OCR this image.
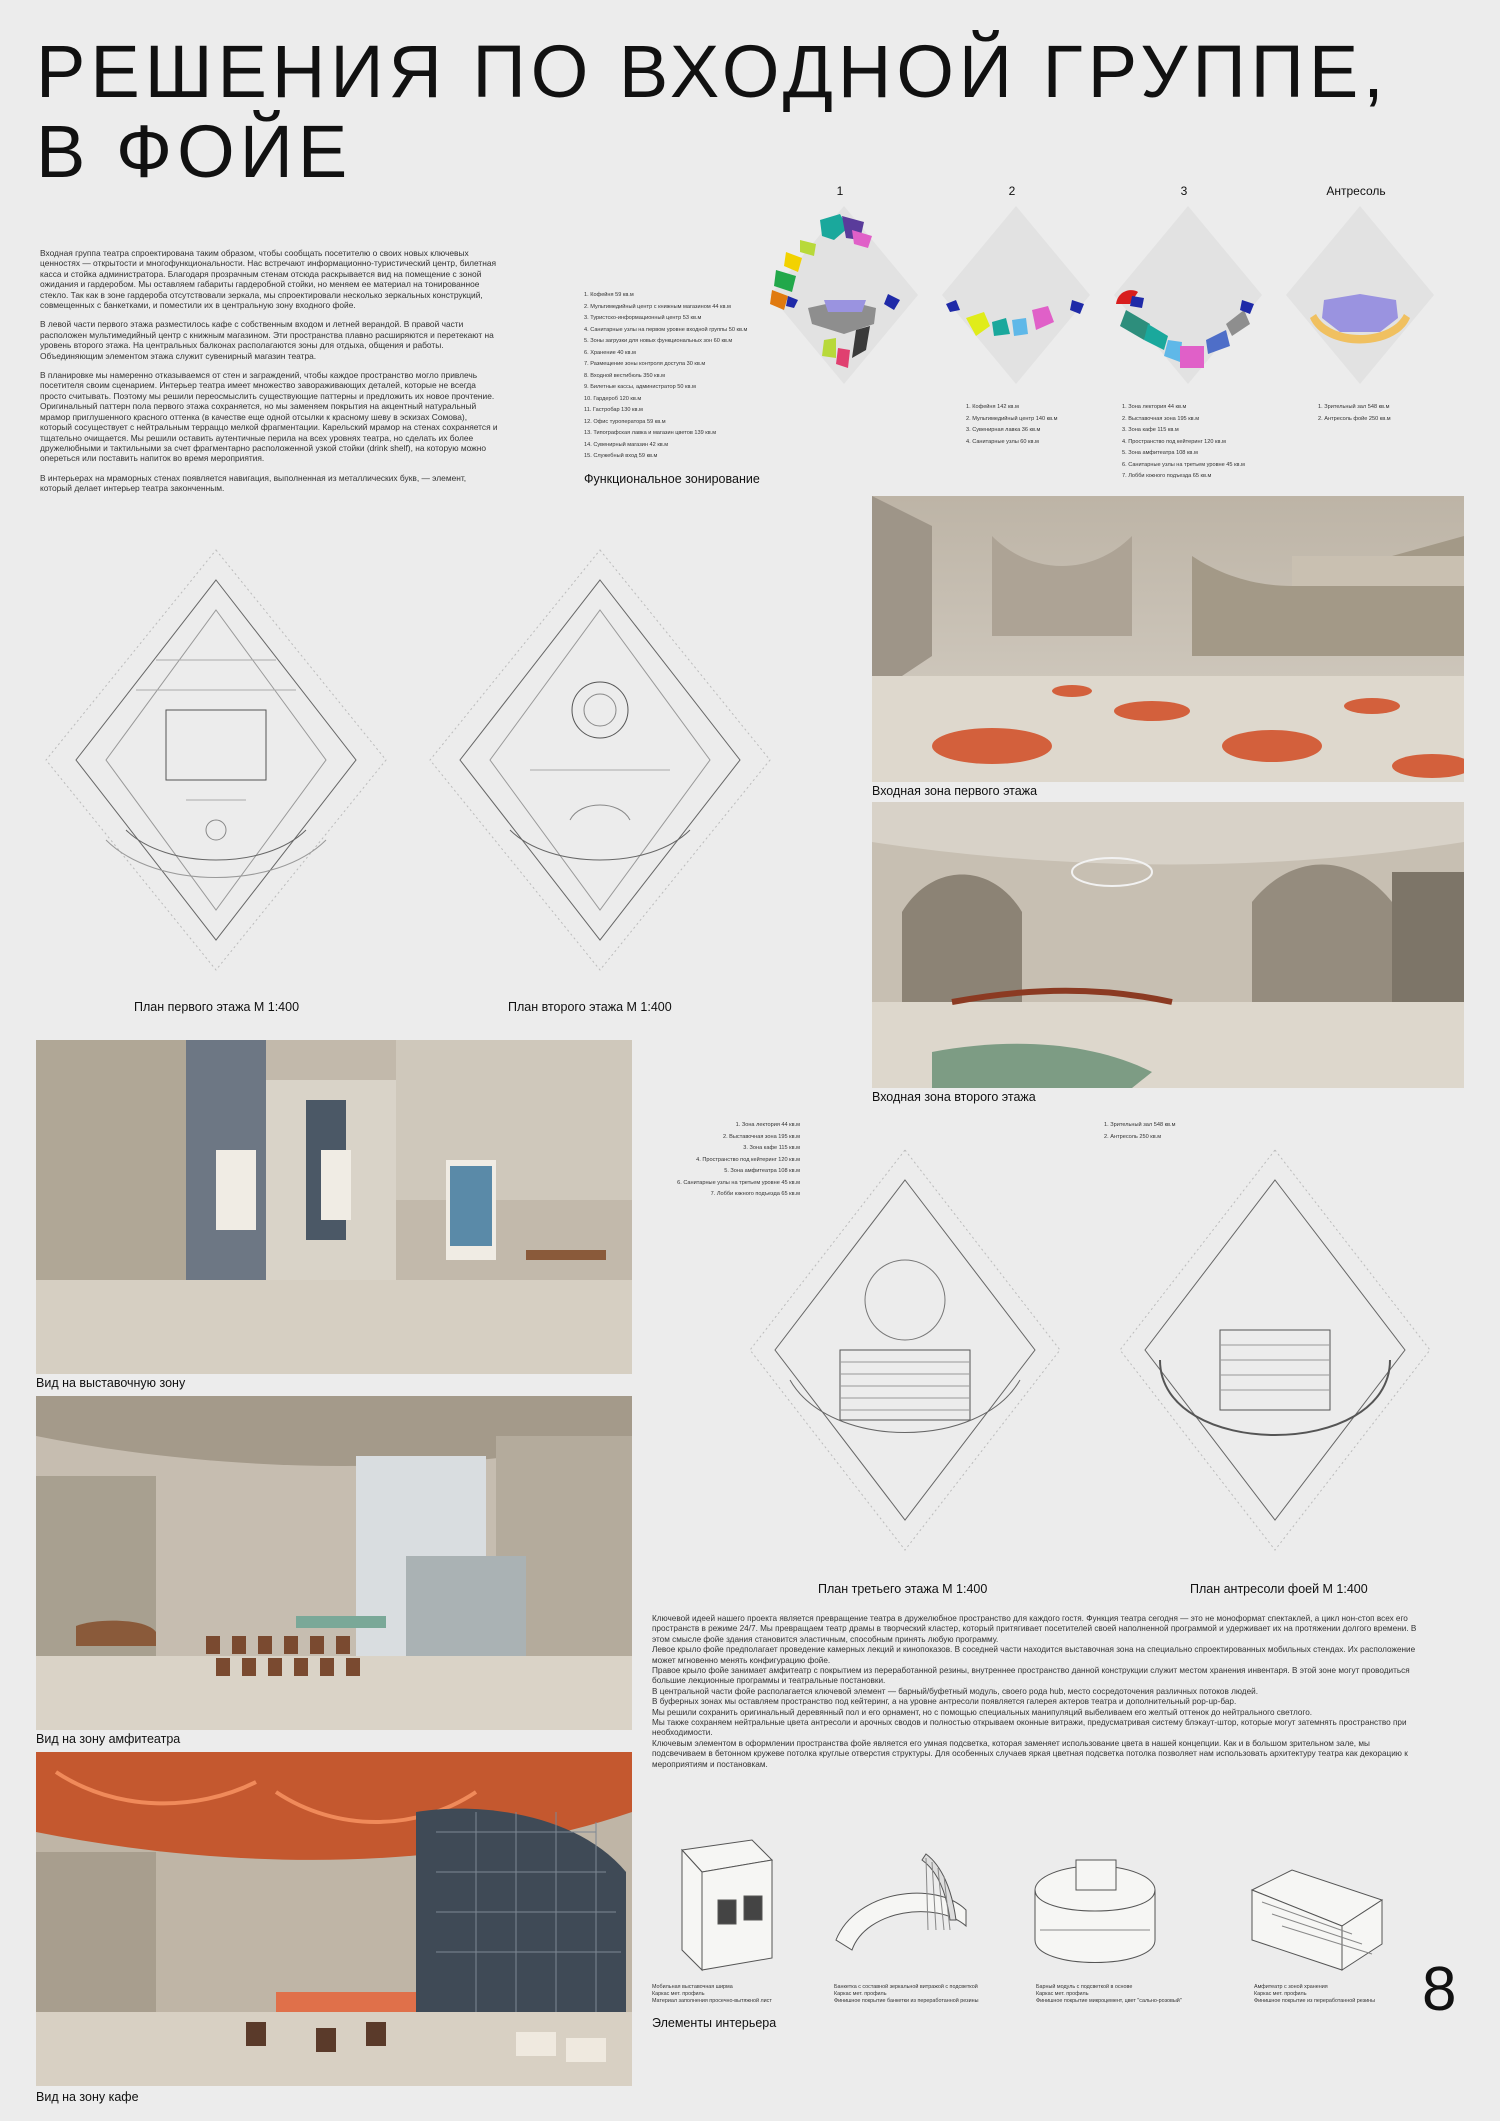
РЕШЕНИЯ ПО ВХОДНОЙ ГРУППЕ,
В ФОЙЕ

Входная группа театра спроектирована таким образом, чтобы сообщать посетителю о своих новых ключевых ценностях — открытости и многофункциональности. Нас встречают информационно-туристический центр, билетная касса и стойка администратора. Благодаря прозрачным стенам отсюда раскрывается вид на помещение с зоной ожидания и гардеробом. Мы оставляем габариты гардеробной стойки, но меняем ее материал на тонированное стекло. Так как в зоне гардероба отсутствовали зеркала, мы спроектировали несколько зеркальных конструкций, совмещенных с банкетками, и поместили их в центральную зону входного фойе.

В левой части первого этажа разместилось кафе с собственным входом и летней верандой. В правой части расположен мультимедийный центр с книжным магазином. Эти пространства плавно расширяются и перетекают на уровень второго этажа. На центральных балконах располагаются зоны для отдыха, общения и работы. Объединяющим элементом этажа служит сувенирный магазин театра.

В планировке мы намеренно отказываемся от стен и заграждений, чтобы каждое пространство могло привлечь посетителя своим сценарием. Интерьер театра имеет множество завораживающих деталей, которые не всегда просто считывать. Поэтому мы решили переосмыслить существующие паттерны и предложить их новое прочтение. Оригинальный паттерн пола первого этажа сохраняется, но мы заменяем покрытия на акцентный натуральный мрамор приглушенного красного оттенка (в качестве еще одной отсылки к красному шеву в эскизах Сомова), который сосуществует с нейтральным терраццо мелкой фрагментации. Карельский мрамор на стенах сохраняется и тщательно очищается. Мы решили оставить аутентичные перила на всех уровнях театра, но сделать их более дружелюбными и тактильными за счет фрагментарно расположенной узкой стойки (drink shelf), на которую можно опереться или поставить напиток во время мероприятия.

В интерьерах на мраморных стенах появляется навигация, выполненная из металлических букв, — элемент, который делает интерьер театра законченным.

1	2	3	Антресоль
1. Кофейня 59 кв.м
2. Мультимедийный центр с книжным магазином 44 кв.м
3. Туристско-информационный центр 53 кв.м
4. Санитарные узлы на первом уровне входной группы 50 кв.м
5. Зоны загрузки для новых функциональных зон 60 кв.м
6. Хранение 40 кв.м
7. Размещение зоны контроля доступа 30 кв.м
8. Входной вестибюль 350 кв.м
9. Билетные кассы, администратор 50 кв.м
10. Гардероб 120 кв.м
11. Гастробар 130 кв.м
12. Офис туроператора 59 кв.м
13. Типографская лавка и магазин цветов 139 кв.м
14. Сувенирный магазин 42 кв.м
15. Служебный вход 59 кв.м
1. Кофейня 142 кв.м
2. Мультимедийный центр 140 кв.м
3. Сувенирная лавка 36 кв.м
4. Санитарные узлы 60 кв.м
1. Зона лектория 44 кв.м
2. Выставочная зона 195 кв.м
3. Зона кафе 115 кв.м
4. Пространство под кейтеринг 120 кв.м
5. Зона амфитеатра 108 кв.м
6. Санитарные узлы на третьем уровне 45 кв.м
7. Лобби южного подъезда 65 кв.м
1. Зрительный зал 548 кв.м
2. Антресоль фойе 250 кв.м
Функциональное зонирование
План первого этажа М 1:400	План второго этажа М 1:400
Входная зона первого этажа
Входная зона второго этажа
Вид на выставочную зону
Вид на зону амфитеатра
Вид на зону кафе
1. Зона лектория 44 кв.м
2. Выставочная зона 195 кв.м
3. Зона кафе 115 кв.м
4. Пространство под кейтеринг 120 кв.м
5. Зона амфитеатра 108 кв.м
6. Санитарные узлы на третьем уровне 45 кв.м
7. Лобби южного подъезда 65 кв.м
1. Зрительный зал 548 кв.м
2. Антресоль 250 кв.м
План третьего этажа М 1:400	План антресоли фоей М 1:400

Ключевой идеей нашего проекта является превращение театра в дружелюбное пространство для каждого гостя. Функция театра сегодня — это не монoформат спектаклей, а цикл нон-стоп всех его пространств в режиме 24/7. Мы превращаем театр драмы в творческий кластер, который притягивает посетителей своей наполненной программой и удерживает их на протяжении долгого времени. В этом смысле фойе здания становится эластичным, способным принять любую программу.

Левое крыло фойе предполагает проведение камерных лекций и кинопоказов. В соседней части находится выставочная зона на специально спроектированных мобильных стендах. Их расположение может мгновенно менять конфигурацию фойе.

Правое крыло фойе занимает амфитеатр с покрытием из переработанной резины, внутреннее пространство данной конструкции служит местом хранения инвентаря. В этой зоне могут проводиться большие лекционные программы и театральные постановки.

В центральной части фойе располагается ключевой элемент — барный/буфетный модуль, своего рода hub, место сосредоточения различных потоков людей.

В буферных зонах мы оставляем пространство под кейтеринг, а на уровне антресоли появляется галерея актеров театра и дополнительный pop-up-бар.

Мы решили сохранить оригинальный деревянный пол и его орнамент, но с помощью специальных манипуляций выбеливаем его желтый оттенок до нейтрального светлого.

Мы также сохраняем нейтральные цвета антресоли и арочных сводов и полностью открываем оконные витражи, предусматривая систему блэкаут-штор, которые могут затемнять пространство при необходимости.

Ключевым элементом в оформлении пространства фойе является его умная подсветка, которая заменяет использование цвета в нашей концепции. Как и в большом зрительном зале, мы подсвечиваем в бетонном кружеве потолка круглые отверстия структуры. Для особенных случаев яркая цветная подсветка потолка позволяет нам использовать архитектуру театра как декорацию к мероприятиям и постановкам.

Мобильная выставочная ширма
Каркас мет. профиль
Материал заполнения просечно-вытяжной лист
Банкетка с составной зеркальной витражой с подсветкой
Каркас мет. профиль
Финишное покрытие банкетки из переработанной резины
Барный модуль с подсветкой в основе
Каркас мет. профиль
Финишное покрытие микроцемент, цвет "сально-розовый"
Амфитеатр с зоной хранения
Каркас мет. профиль
Финишное покрытие из переработанной резины
Элементы интерьера	8
